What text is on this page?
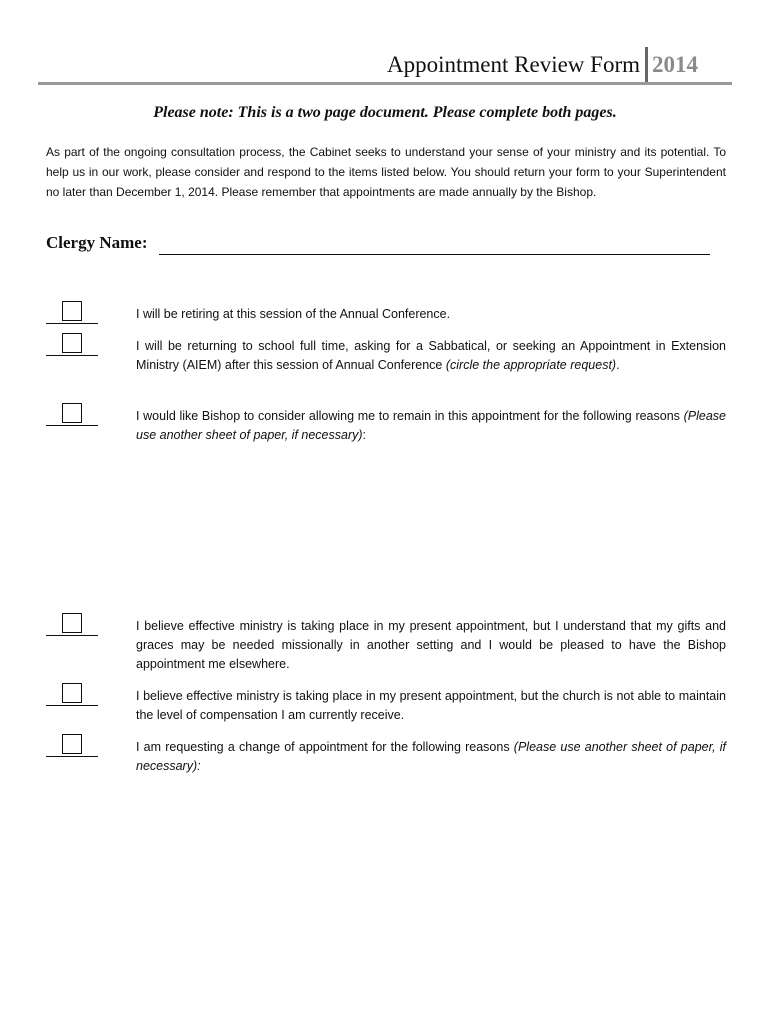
Appointment Review Form 2014
Please note: This is a two page document. Please complete both pages.
As part of the ongoing consultation process, the Cabinet seeks to understand your sense of your ministry and its potential. To help us in our work, please consider and respond to the items listed below. You should return your form to your Superintendent no later than December 1, 2014. Please remember that appointments are made annually by the Bishop.
Clergy Name:
I will be retiring at this session of the Annual Conference.
I will be returning to school full time, asking for a Sabbatical, or seeking an Appointment in Extension Ministry (AIEM) after this session of Annual Conference (circle the appropriate request).
I would like Bishop to consider allowing me to remain in this appointment for the following reasons (Please use another sheet of paper, if necessary):
I believe effective ministry is taking place in my present appointment, but I understand that my gifts and graces may be needed missionally in another setting and I would be pleased to have the Bishop appointment me elsewhere.
I believe effective ministry is taking place in my present appointment, but the church is not able to maintain the level of compensation I am currently receive.
I am requesting a change of appointment for the following reasons (Please use another sheet of paper, if necessary):
